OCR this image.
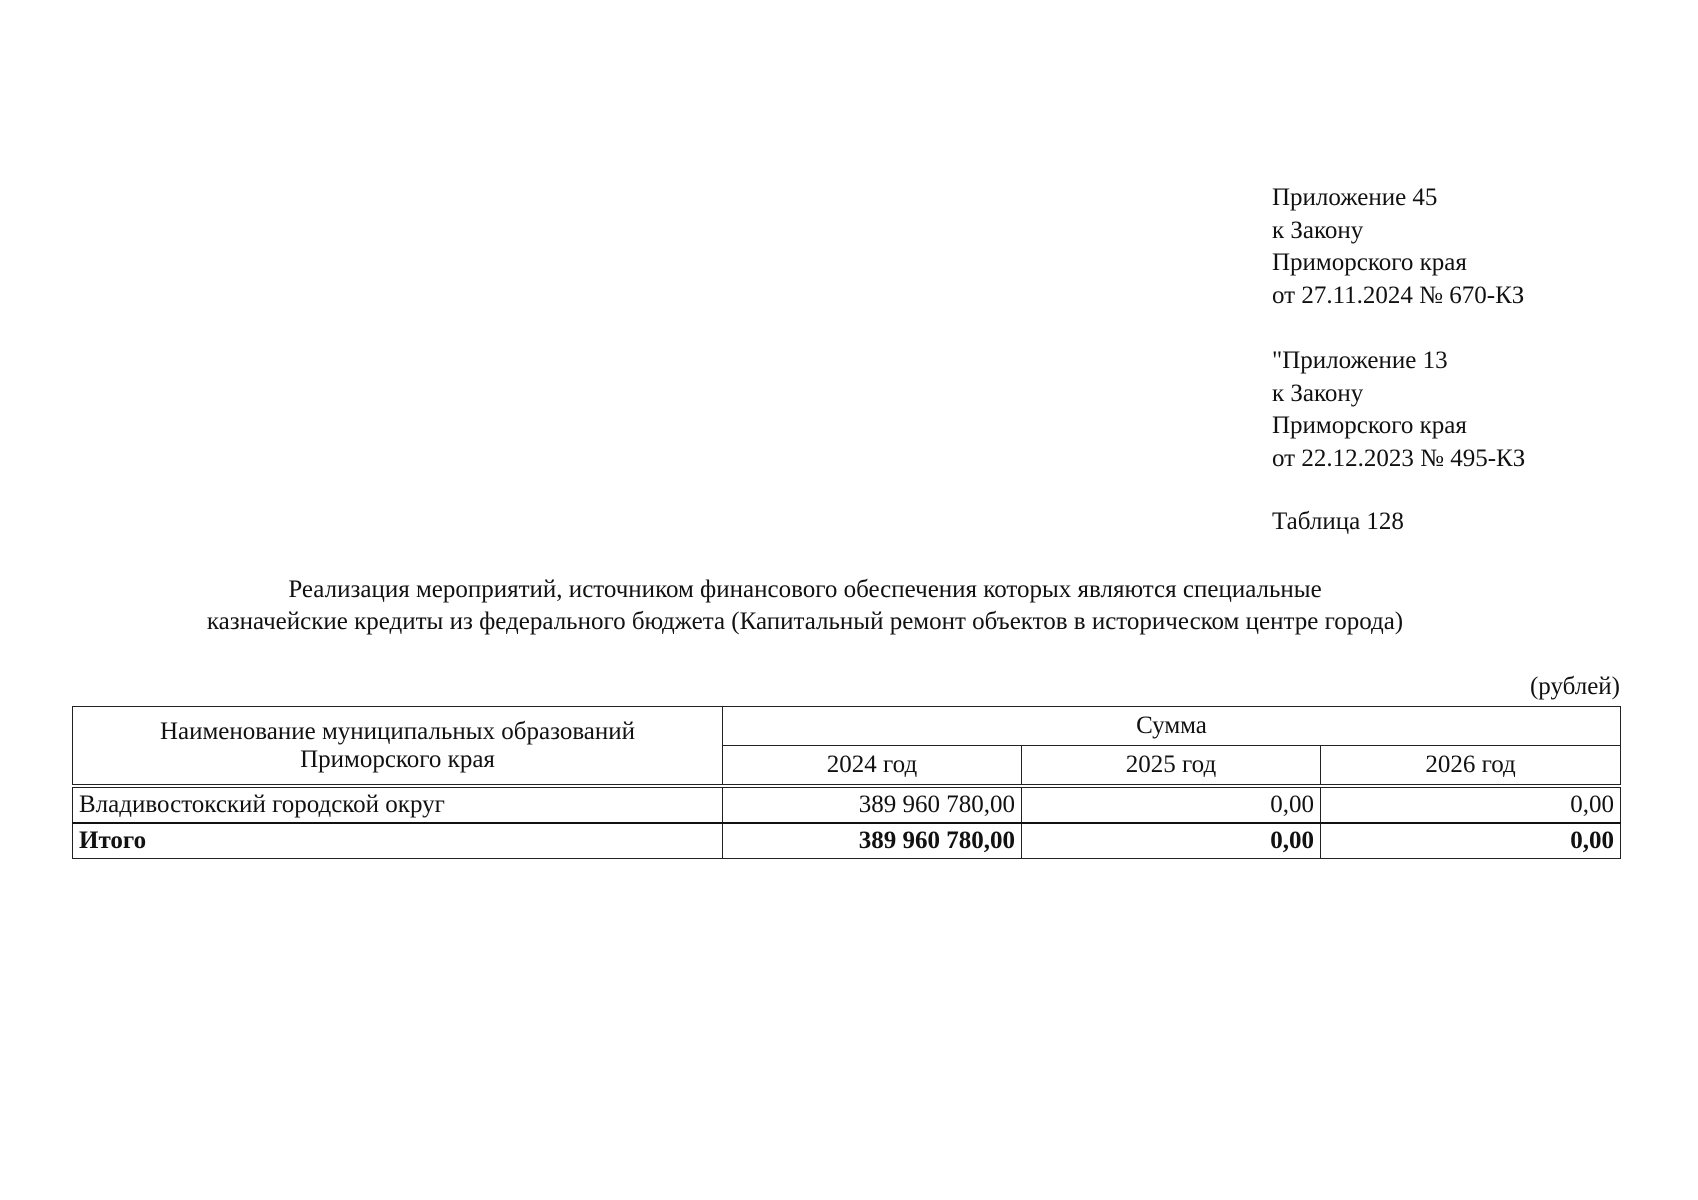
Приложение 45
к Закону
Приморского края
от 27.11.2024 № 670-КЗ
"Приложение 13
к Закону
Приморского края
от 22.12.2023 № 495-КЗ
Таблица 128
Реализация мероприятий, источником финансового обеспечения которых являются специальные
казначейские кредиты из федерального бюджета (Капитальный ремонт объектов в историческом центре города)
(рублей)
Наименование муниципальных образований
Приморского края	Сумма		
	2024 год	2025 год	2026 год
Владивостокский городской округ	389 960 780,00	0,00	0,00
Итого	389 960 780,00	0,00	0,00
